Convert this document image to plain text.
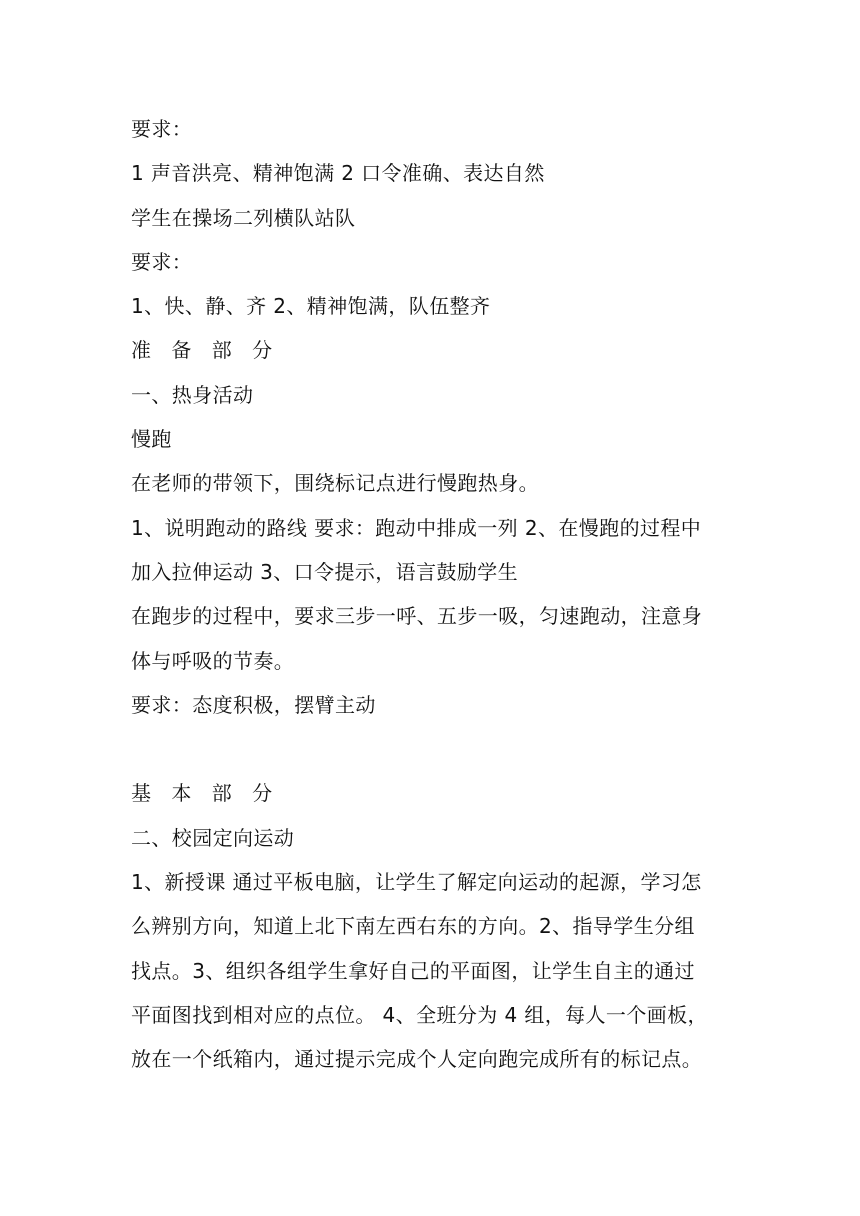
要求：
1 声音洪亮、精神饱满 2 口令准确、表达自然
学生在操场二列横队站队
要求：
1、快、静、齐 2、精神饱满，队伍整齐
准 备 部 分
一、热身活动
慢跑
在老师的带领下，围绕标记点进行慢跑热身。
1、说明跑动的路线 要求：跑动中排成一列 2、在慢跑的过程中
加入拉伸运动 3、口令提示，语言鼓励学生
在跑步的过程中，要求三步一呼、五步一吸，匀速跑动，注意身
体与呼吸的节奏。
要求：态度积极，摆臂主动
基 本 部 分
二、校园定向运动
1、新授课 通过平板电脑，让学生了解定向运动的起源，学习怎
么辨别方向，知道上北下南左西右东的方向。2、指导学生分组
找点。3、组织各组学生拿好自己的平面图，让学生自主的通过
平面图找到相对应的点位。 4、全班分为 4 组，每人一个画板，
放在一个纸箱内，通过提示完成个人定向跑完成所有的标记点。
